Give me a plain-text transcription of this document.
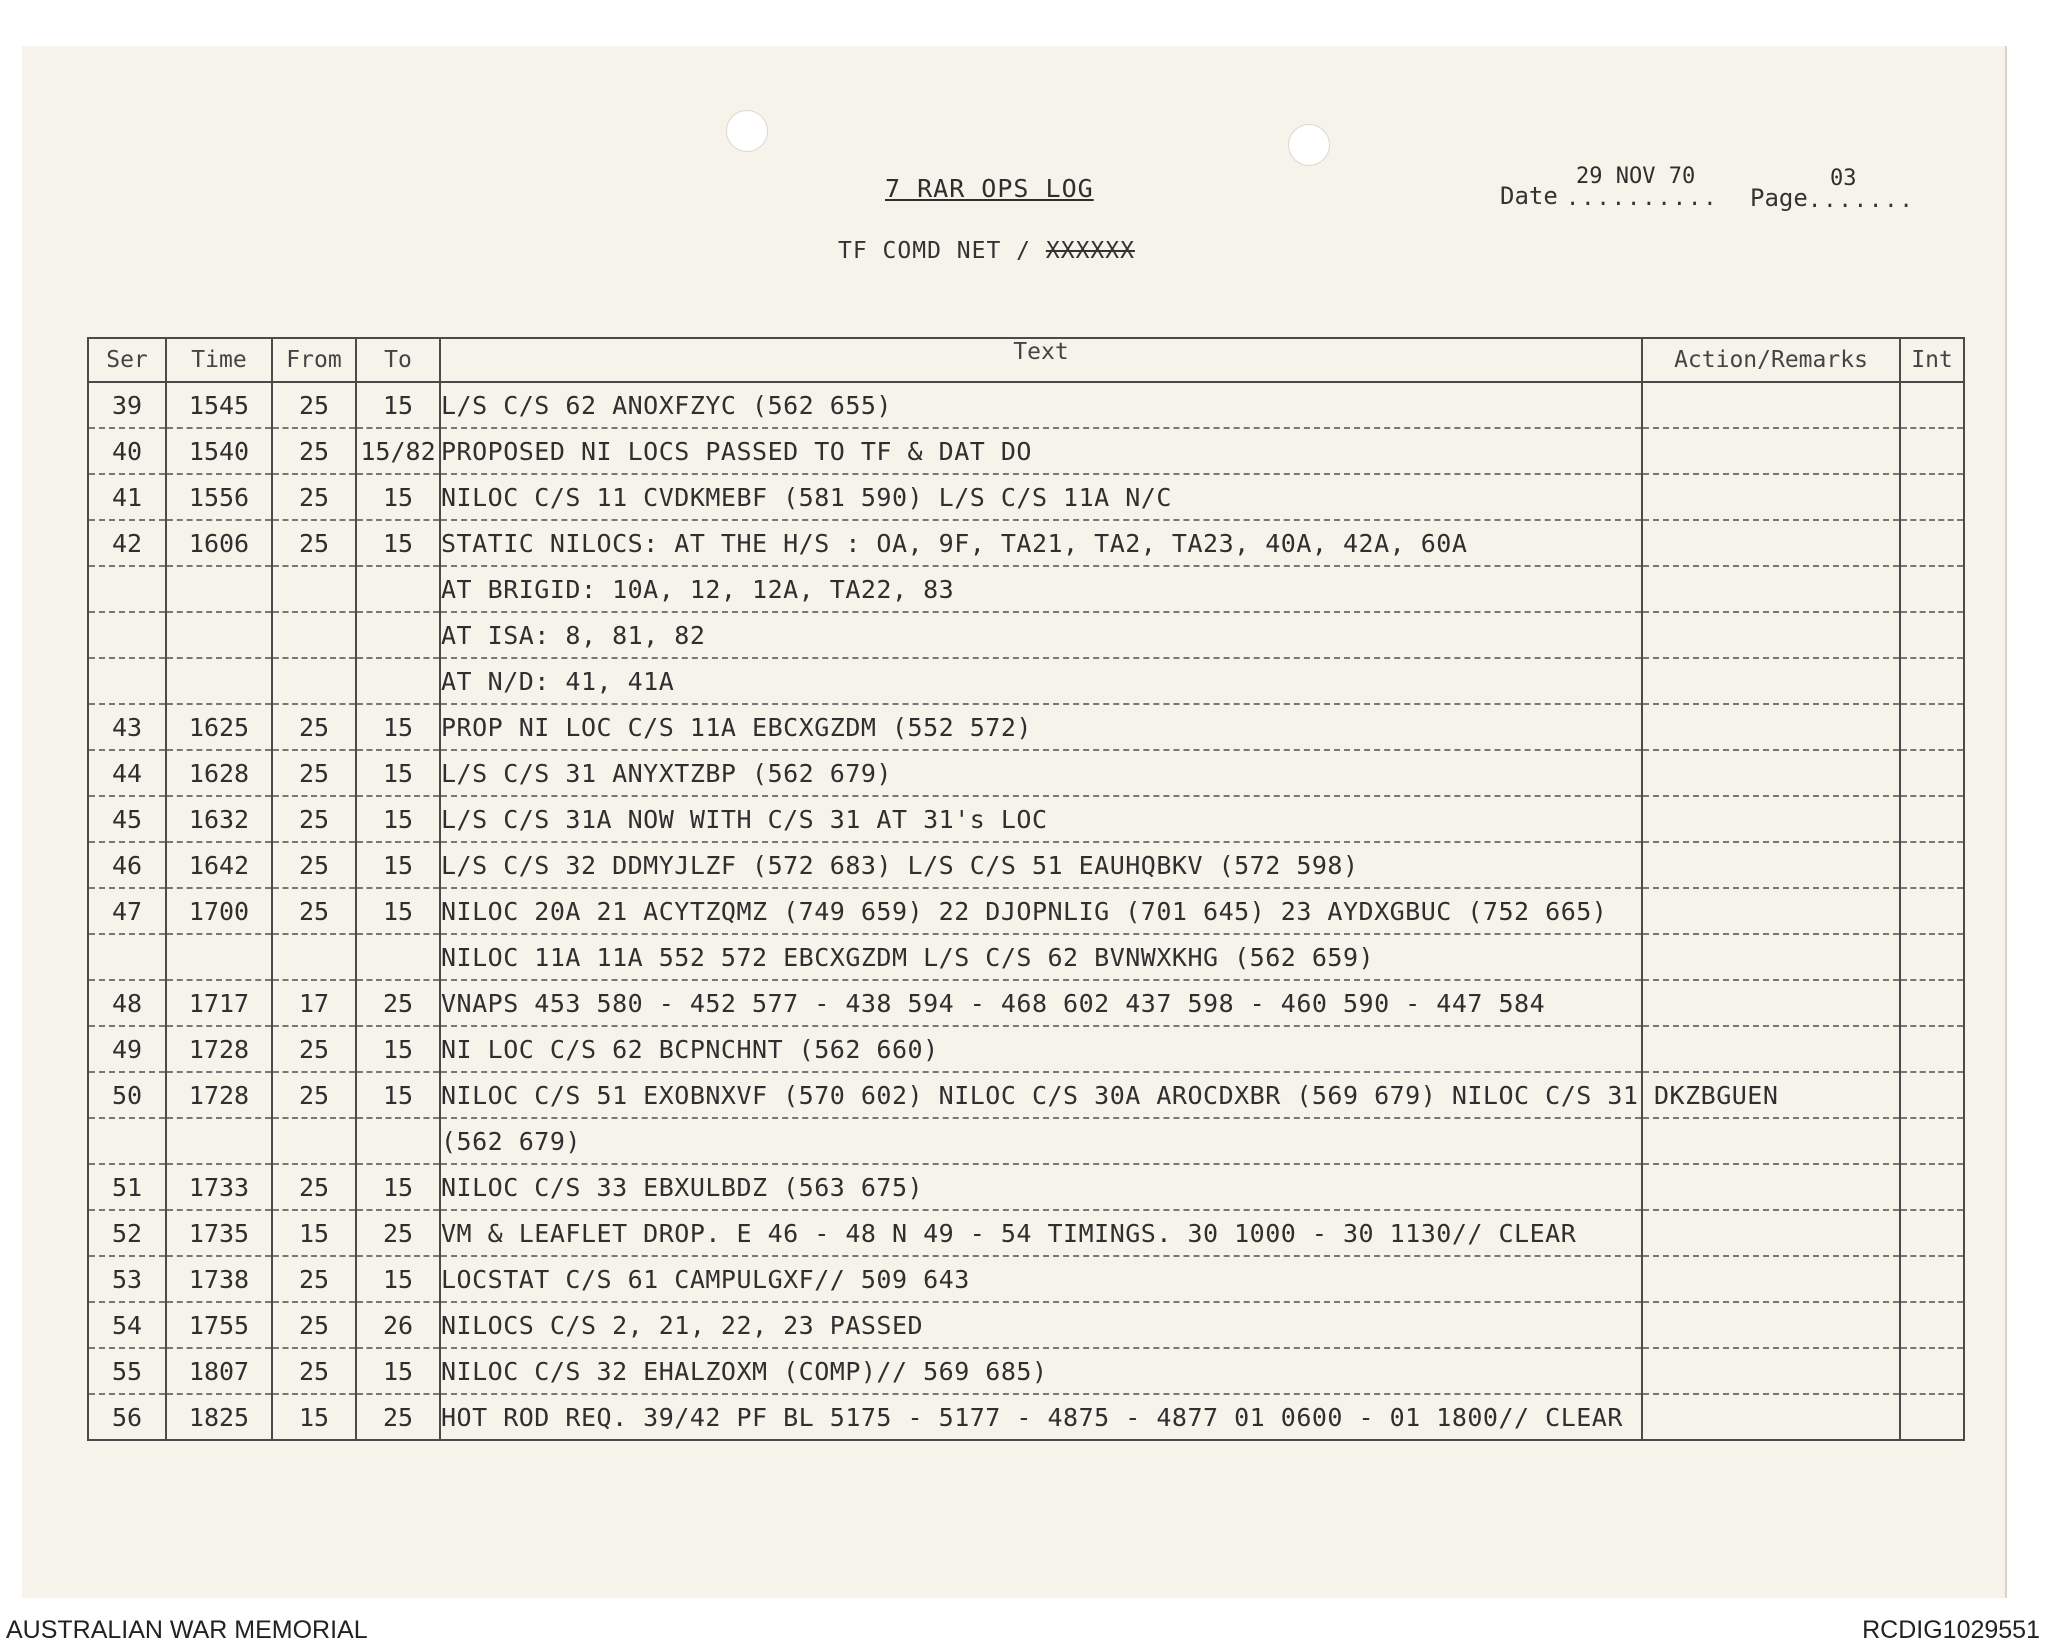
7 RAR OPS LOG
TF COMD NET / XXXXXX
Date ..........
29 NOV 70
Page .......
03
Ser	Time	From	To	Text	Action/Remarks	Int
39	1545	25	15	L/S C/S 62 ANOXFZYC (562 655)		
40	1540	25	15/82	PROPOSED NI LOCS PASSED TO TF & DAT DO		
41	1556	25	15	NILOC C/S 11 CVDKMEBF (581 590) L/S C/S 11A N/C		
42	1606	25	15	STATIC NILOCS: AT THE H/S : OA, 9F, TA21, TA2, TA23, 40A, 42A, 60A		
				AT BRIGID: 10A, 12, 12A, TA22, 83		
				AT ISA: 8, 81, 82		
				AT N/D: 41, 41A		
43	1625	25	15	PROP NI LOC C/S 11A EBCXGZDM (552 572)		
44	1628	25	15	L/S C/S 31 ANYXTZBP (562 679)		
45	1632	25	15	L/S C/S 31A NOW WITH C/S 31 AT 31's LOC		
46	1642	25	15	L/S C/S 32 DDMYJLZF (572 683) L/S C/S 51 EAUHQBKV (572 598)		
47	1700	25	15	NILOC 20A 21 ACYTZQMZ (749 659) 22 DJOPNLIG (701 645) 23 AYDXGBUC (752 665)		
				NILOC 11A 11A 552 572 EBCXGZDM L/S C/S 62 BVNWXKHG (562 659)		
48	1717	17	25	VNAPS 453 580 - 452 577 - 438 594 - 468 602 437 598 - 460 590 - 447 584		
49	1728	25	15	NI LOC C/S 62 BCPNCHNT (562 660)		
50	1728	25	15	NILOC C/S 51 EXOBNXVF (570 602) NILOC C/S 30A AROCDXBR (569 679) NILOC C/S 31 DKZBGUEN		
				(562 679)		
51	1733	25	15	NILOC C/S 33 EBXULBDZ (563 675)		
52	1735	15	25	VM & LEAFLET DROP. E 46 - 48 N 49 - 54 TIMINGS. 30 1000 - 30 1130// CLEAR		
53	1738	25	15	LOCSTAT C/S 61 CAMPULGXF// 509 643		
54	1755	25	26	NILOCS C/S 2, 21, 22, 23 PASSED		
55	1807	25	15	NILOC C/S 32 EHALZOXM (COMP)// 569 685)		
56	1825	15	25	HOT ROD REQ. 39/42 PF BL 5175 - 5177 - 4875 - 4877 01 0600 - 01 1800// CLEAR		
AUSTRALIAN WAR MEMORIAL	RCDIG1029551
